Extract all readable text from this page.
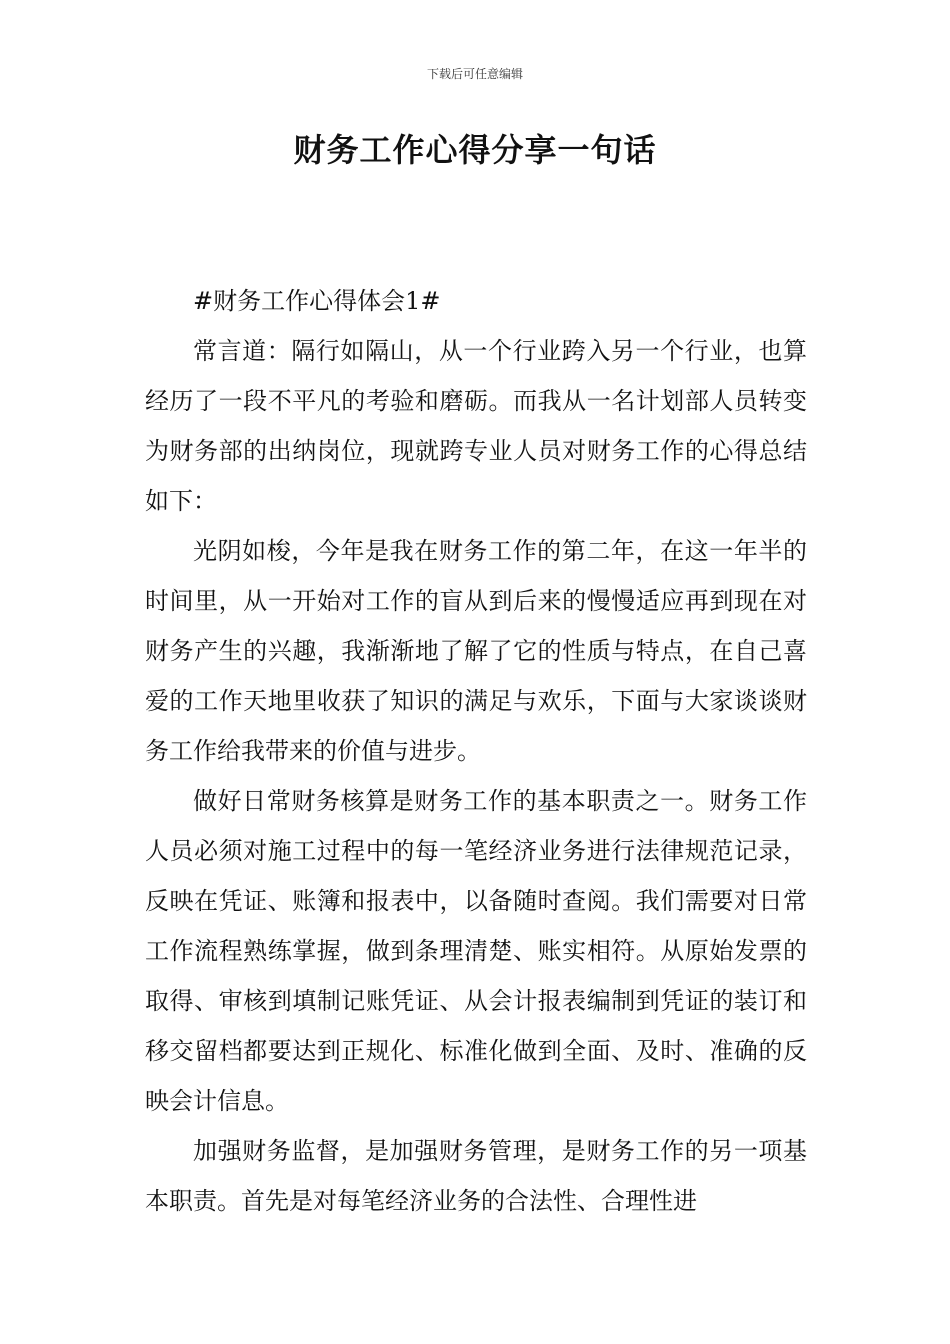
下载后可任意编辑
财务工作心得分享一句话

#财务工作心得体会1#

常言道：隔行如隔山，从一个行业跨入另一个行业，也算经历了一段不平凡的考验和磨砺。而我从一名计划部人员转变为财务部的出纳岗位，现就跨专业人员对财务工作的心得总结如下：

光阴如梭，今年是我在财务工作的第二年，在这一年半的时间里，从一开始对工作的盲从到后来的慢慢适应再到现在对财务产生的兴趣，我渐渐地了解了它的性质与特点，在自己喜爱的工作天地里收获了知识的满足与欢乐，下面与大家谈谈财务工作给我带来的价值与进步。

做好日常财务核算是财务工作的基本职责之一。财务工作人员必须对施工过程中的每一笔经济业务进行法律规范记录，反映在凭证、账簿和报表中，以备随时查阅。我们需要对日常工作流程熟练掌握，做到条理清楚、账实相符。从原始发票的取得、审核到填制记账凭证、从会计报表编制到凭证的装订和移交留档都要达到正规化、标准化做到全面、及时、准确的反映会计信息。

加强财务监督，是加强财务管理，是财务工作的另一项基本职责。首先是对每笔经济业务的合法性、合理性进
